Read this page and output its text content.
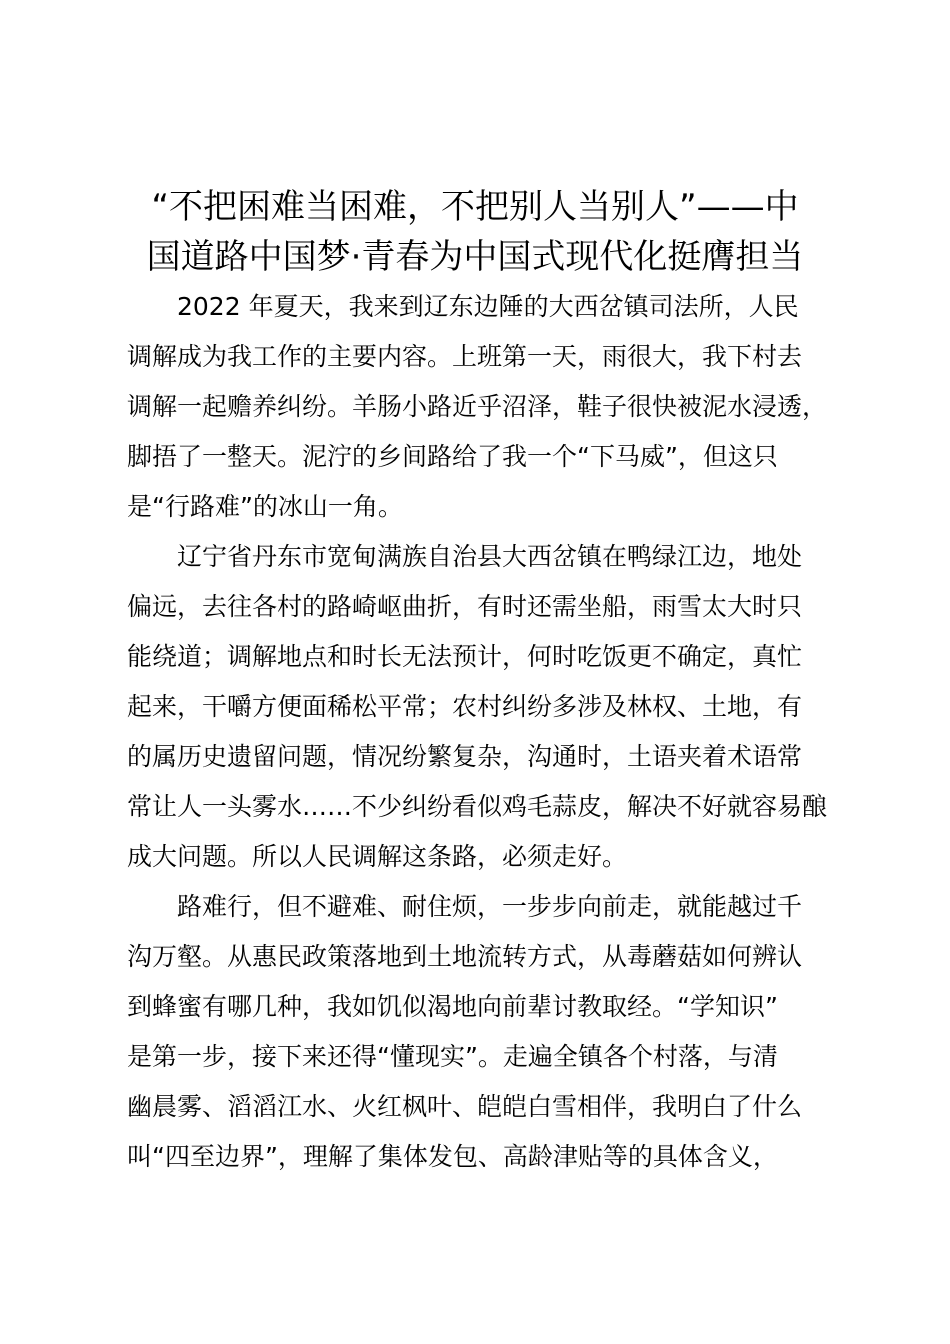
“不把困难当困难，不把别人当别人”——中
国道路中国梦·青春为中国式现代化挺膺担当
2022 年夏天，我来到辽东边陲的大西岔镇司法所，人民
调解成为我工作的主要内容。上班第一天，雨很大，我下村去
调解一起赡养纠纷。羊肠小路近乎沼泽，鞋子很快被泥水浸透，
脚捂了一整天。泥泞的乡间路给了我一个“下马威”，但这只
是“行路难”的冰山一角。
辽宁省丹东市宽甸满族自治县大西岔镇在鸭绿江边，地处
偏远，去往各村的路崎岖曲折，有时还需坐船，雨雪太大时只
能绕道；调解地点和时长无法预计，何时吃饭更不确定，真忙
起来，干嚼方便面稀松平常；农村纠纷多涉及林权、土地，有
的属历史遗留问题，情况纷繁复杂，沟通时，土语夹着术语常
常让人一头雾水……不少纠纷看似鸡毛蒜皮，解决不好就容易酿
成大问题。所以人民调解这条路，必须走好。
路难行，但不避难、耐住烦，一步步向前走，就能越过千
沟万壑。从惠民政策落地到土地流转方式，从毒蘑菇如何辨认
到蜂蜜有哪几种，我如饥似渴地向前辈讨教取经。“学知识”
是第一步，接下来还得“懂现实”。走遍全镇各个村落，与清
幽晨雾、滔滔江水、火红枫叶、皑皑白雪相伴，我明白了什么
叫“四至边界”，理解了集体发包、高龄津贴等的具体含义，
